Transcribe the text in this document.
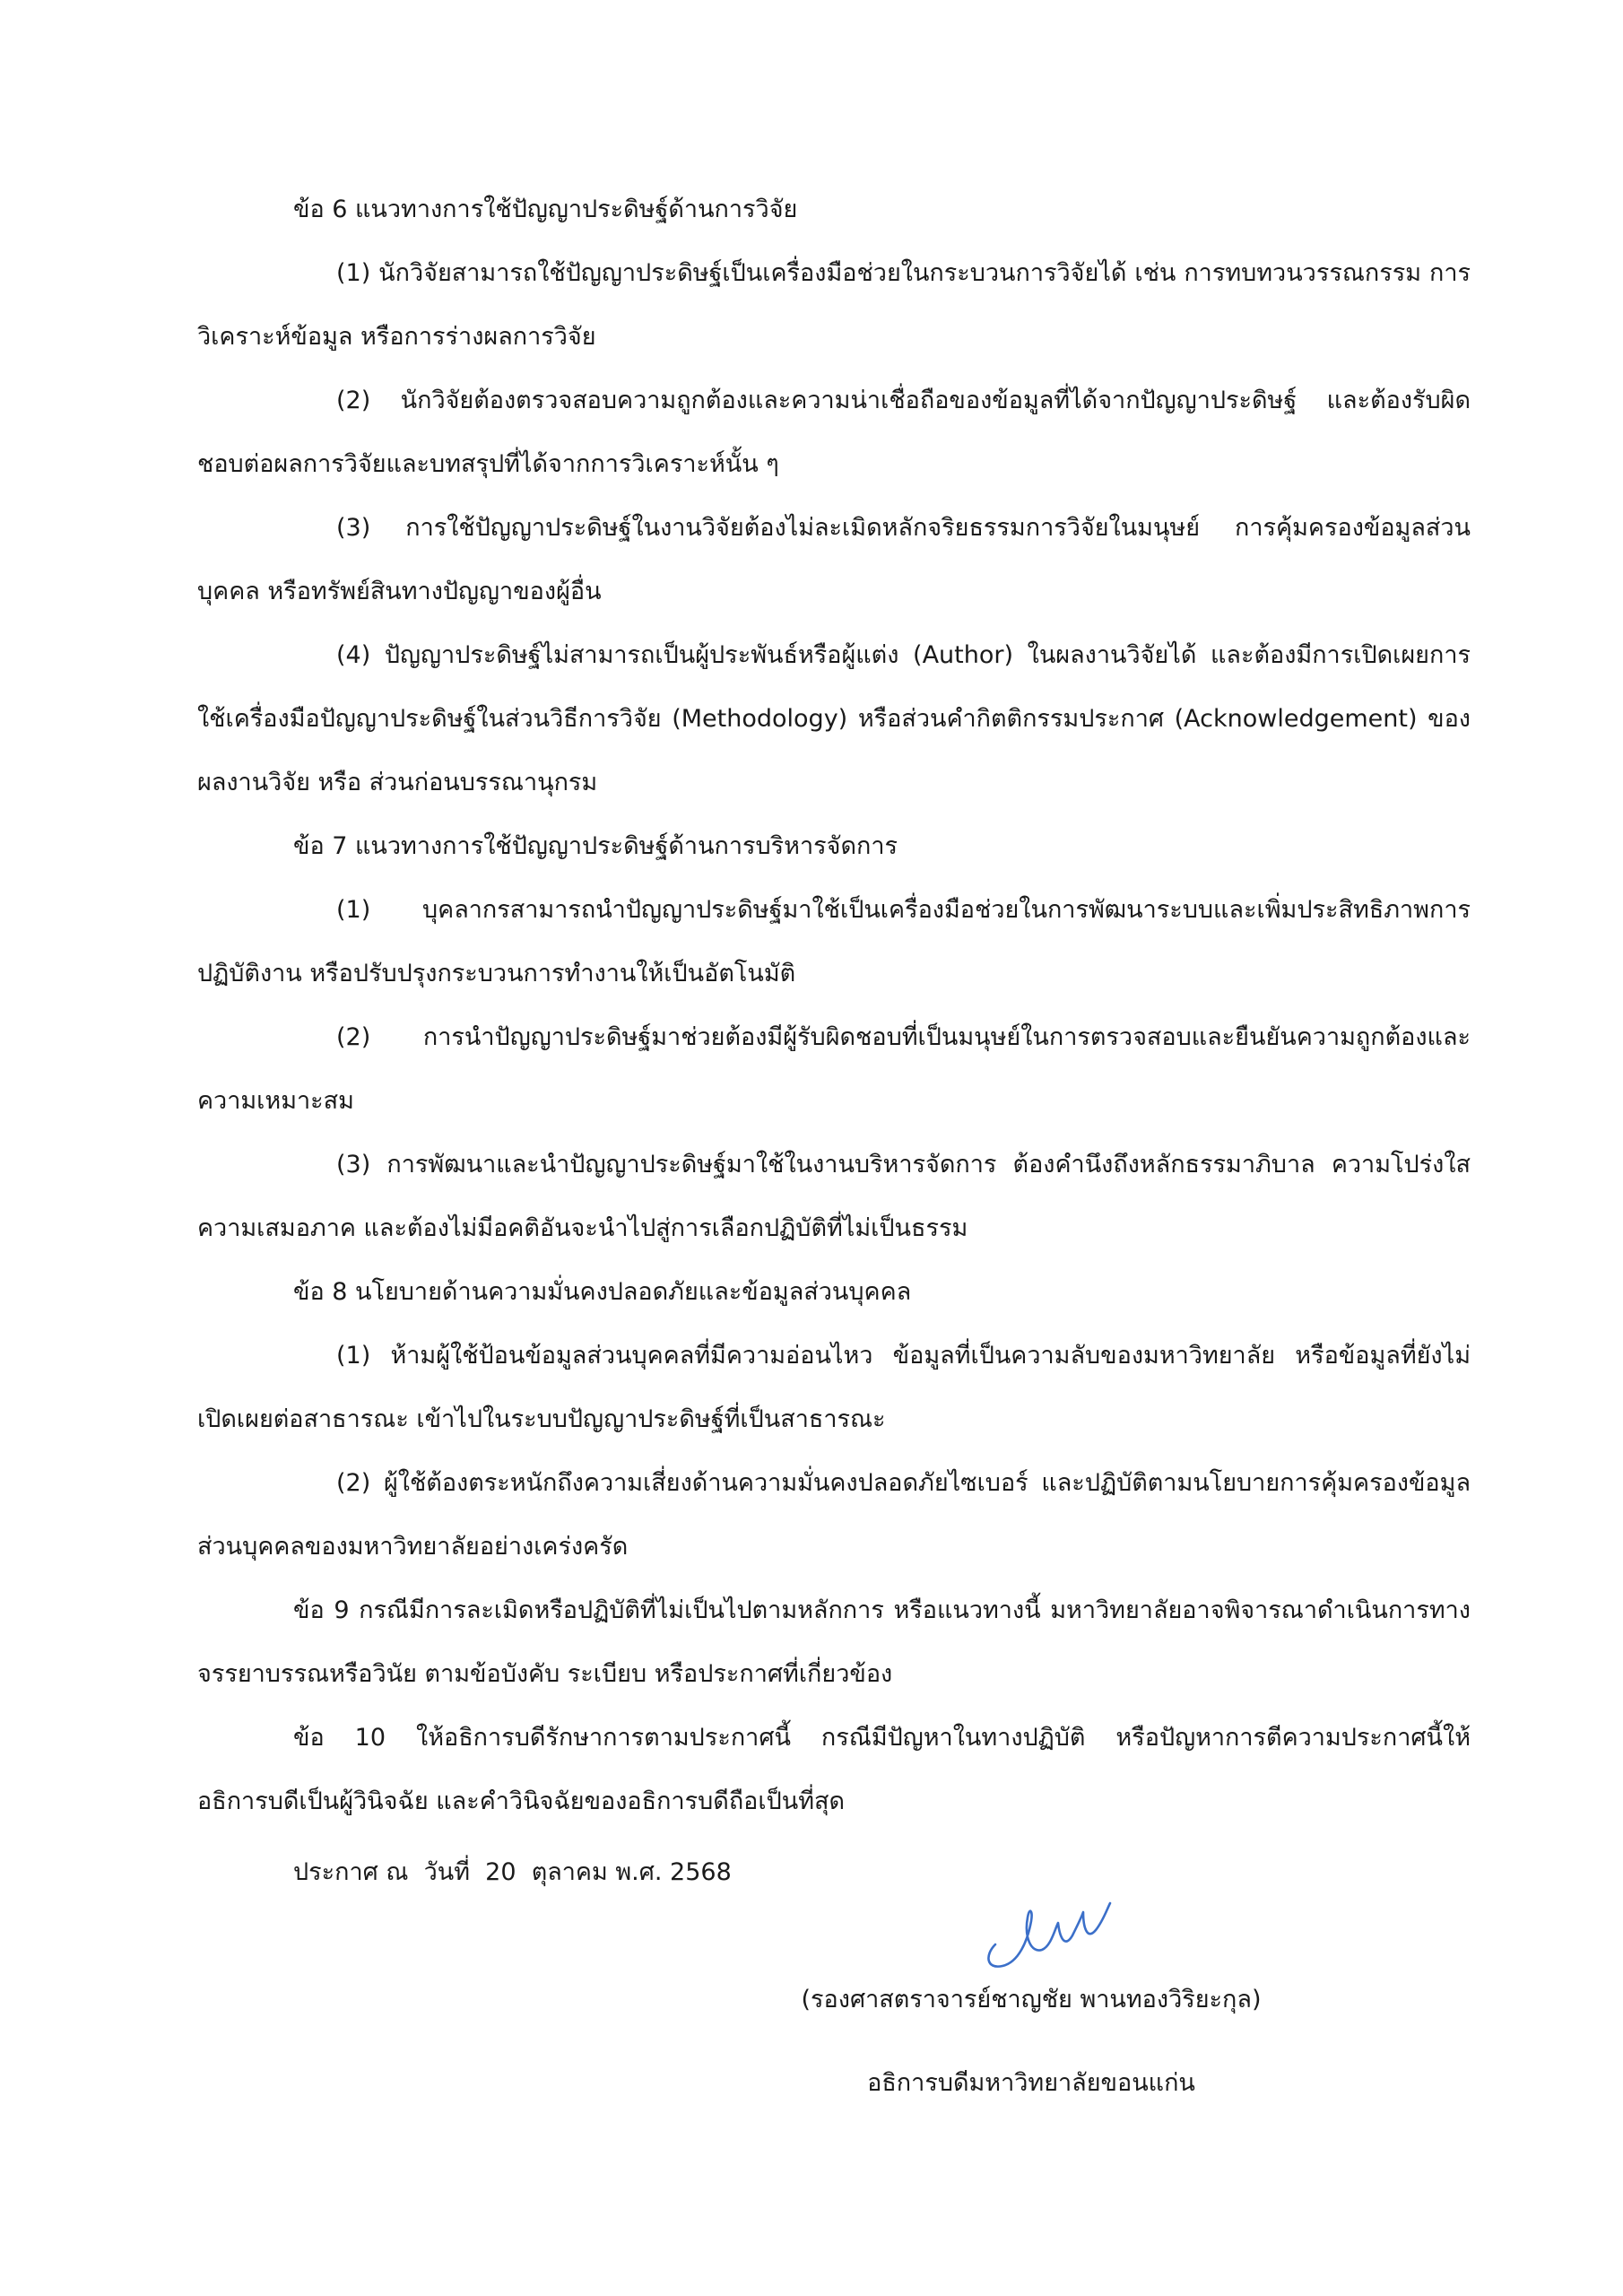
ข้อ 6 แนวทางการใช้ปัญญาประดิษฐ์ด้านการวิจัย

(1) นักวิจัยสามารถใช้ปัญญาประดิษฐ์เป็นเครื่องมือช่วยในกระบวนการวิจัยได้ เช่น การทบทวนวรรณกรรม การวิเคราะห์ข้อมูล หรือการร่างผลการวิจัย

(2) นักวิจัยต้องตรวจสอบความถูกต้องและความน่าเชื่อถือของข้อมูลที่ได้จากปัญญาประดิษฐ์ และต้องรับผิดชอบต่อผลการวิจัยและบทสรุปที่ได้จากการวิเคราะห์นั้น ๆ

(3) การใช้ปัญญาประดิษฐ์ในงานวิจัยต้องไม่ละเมิดหลักจริยธรรมการวิจัยในมนุษย์ การคุ้มครองข้อมูลส่วนบุคคล หรือทรัพย์สินทางปัญญาของผู้อื่น

(4) ปัญญาประดิษฐ์ไม่สามารถเป็นผู้ประพันธ์หรือผู้แต่ง (Author) ในผลงานวิจัยได้ และต้องมีการเปิดเผยการใช้เครื่องมือปัญญาประดิษฐ์ในส่วนวิธีการวิจัย (Methodology) หรือส่วนคำกิตติกรรมประกาศ (Acknowledgement) ของผลงานวิจัย หรือ ส่วนก่อนบรรณานุกรม

ข้อ 7 แนวทางการใช้ปัญญาประดิษฐ์ด้านการบริหารจัดการ

(1) บุคลากรสามารถนำปัญญาประดิษฐ์มาใช้เป็นเครื่องมือช่วยในการพัฒนาระบบและเพิ่มประสิทธิภาพการปฏิบัติงาน หรือปรับปรุงกระบวนการทำงานให้เป็นอัตโนมัติ

(2) การนำปัญญาประดิษฐ์มาช่วยต้องมีผู้รับผิดชอบที่เป็นมนุษย์ในการตรวจสอบและยืนยันความถูกต้องและความเหมาะสม

(3) การพัฒนาและนำปัญญาประดิษฐ์มาใช้ในงานบริหารจัดการ ต้องคำนึงถึงหลักธรรมาภิบาล ความโปร่งใส ความเสมอภาค และต้องไม่มีอคติอันจะนำไปสู่การเลือกปฏิบัติที่ไม่เป็นธรรม

ข้อ 8 นโยบายด้านความมั่นคงปลอดภัยและข้อมูลส่วนบุคคล

(1) ห้ามผู้ใช้ป้อนข้อมูลส่วนบุคคลที่มีความอ่อนไหว ข้อมูลที่เป็นความลับของมหาวิทยาลัย หรือข้อมูลที่ยังไม่เปิดเผยต่อสาธารณะ เข้าไปในระบบปัญญาประดิษฐ์ที่เป็นสาธารณะ

(2) ผู้ใช้ต้องตระหนักถึงความเสี่ยงด้านความมั่นคงปลอดภัยไซเบอร์ และปฏิบัติตามนโยบายการคุ้มครองข้อมูลส่วนบุคคลของมหาวิทยาลัยอย่างเคร่งครัด

ข้อ 9 กรณีมีการละเมิดหรือปฏิบัติที่ไม่เป็นไปตามหลักการ หรือแนวทางนี้ มหาวิทยาลัยอาจพิจารณาดำเนินการทางจรรยาบรรณหรือวินัย ตามข้อบังคับ ระเบียบ หรือประกาศที่เกี่ยวข้อง

ข้อ 10 ให้อธิการบดีรักษาการตามประกาศนี้ กรณีมีปัญหาในทางปฏิบัติ หรือปัญหาการตีความประกาศนี้ให้อธิการบดีเป็นผู้วินิจฉัย และคำวินิจฉัยของอธิการบดีถือเป็นที่สุด

ประกาศ ณ  วันที่  20  ตุลาคม พ.ศ. 2568
(รองศาสตราจารย์ชาญชัย พานทองวิริยะกุล)
อธิการบดีมหาวิทยาลัยขอนแก่น
